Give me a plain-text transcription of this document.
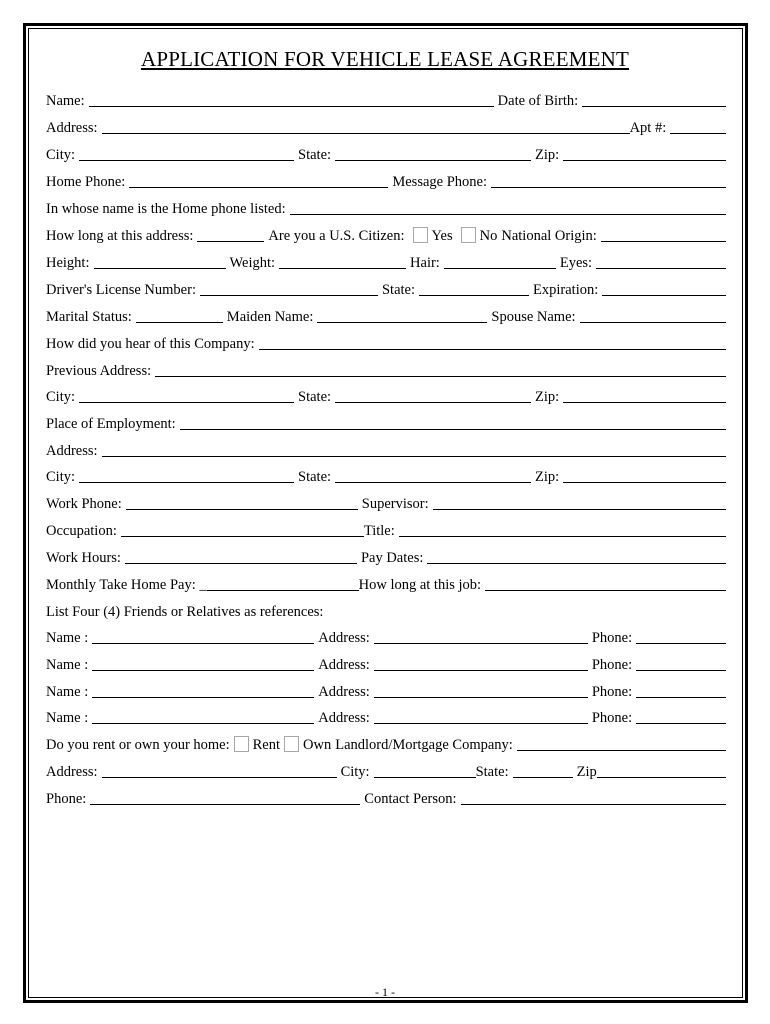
APPLICATION FOR VEHICLE LEASE AGREEMENT
Name:	Date of Birth:
Address:	Apt #:
City:	State:	Zip:
Home Phone:	Message Phone:
In whose name is the Home phone listed:
How long at this address:	Are you a U.S. Citizen: Yes No National Origin:
Height:	Weight:	Hair:	Eyes:
Driver's License Number:	State:	Expiration:
Marital Status:	Maiden Name:	Spouse Name:
How did you hear of this Company:
Previous Address:
City:	State:	Zip:
Place of Employment:
Address:
City:	State:	Zip:
Work Phone:	Supervisor:
Occupation:	Title:
Work Hours:	Pay Dates:
Monthly Take Home Pay: _	How long at this job:
List Four (4) Friends or Relatives as references:
Name :	Address:	Phone:
Name :	Address:	Phone:
Name :	Address:	Phone:
Name :	Address:	Phone:
Do you rent or own your home: Rent Own Landlord/Mortgage Company:
Address:	City:	State:	Zip
Phone:	Contact Person:
- 1 -
